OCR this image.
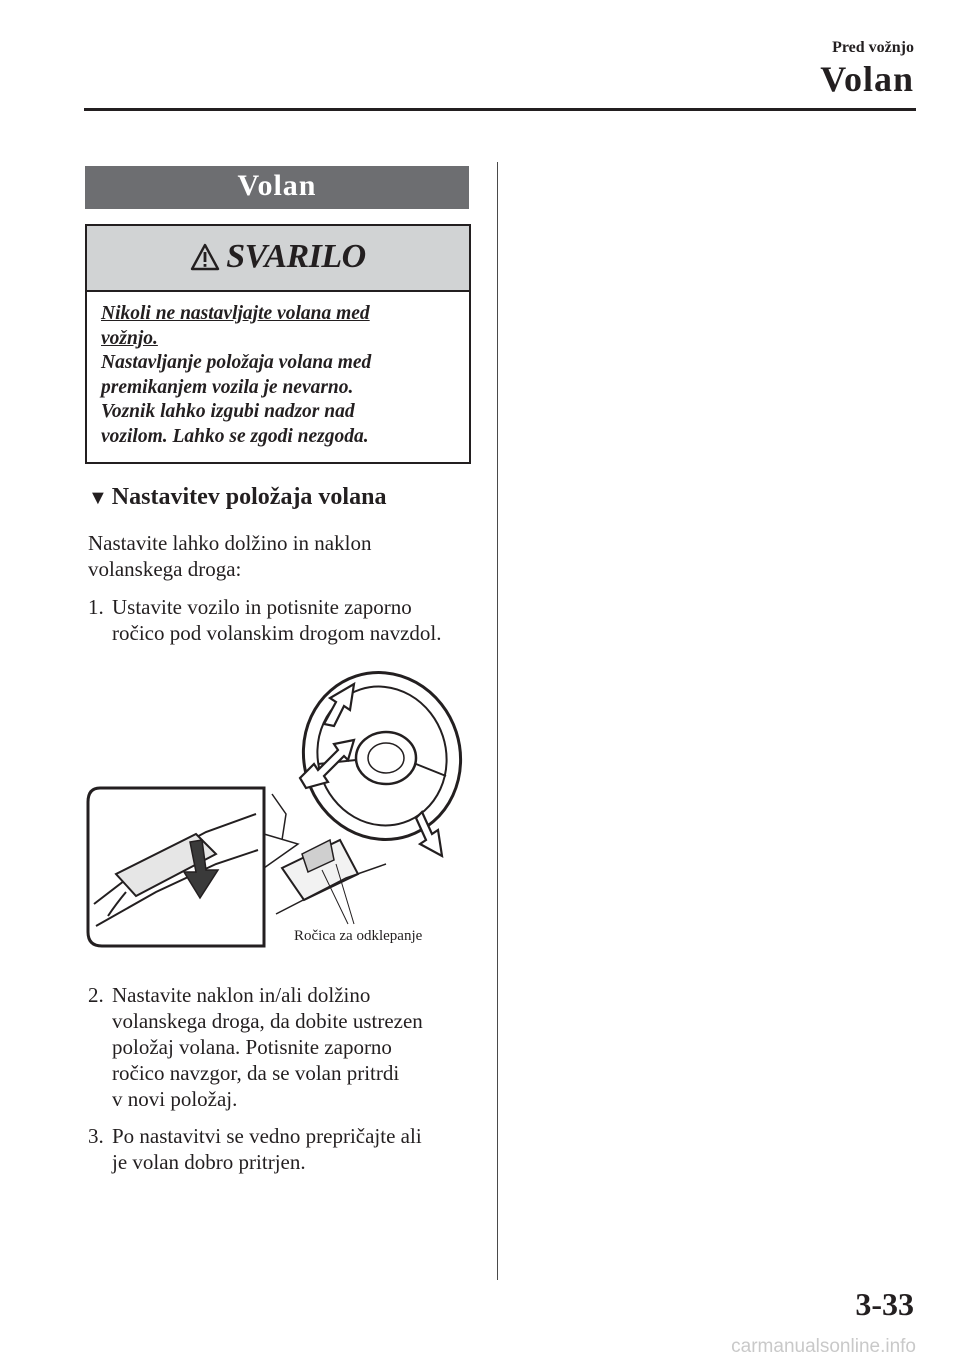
Pred vožnjo
Volan
Volan
SVARILO
Nikoli ne nastavljajte volana med
vožnjo.
Nastavljanje položaja volana med
premikanjem vozila je nevarno.
Voznik lahko izgubi nadzor nad
vozilom. Lahko se zgodi nezgoda.
▼ Nastavitev položaja volana
Nastavite lahko dolžino in naklon
volanskega droga:
1. Ustavite vozilo in potisnite zaporno
ročico pod volanskim drogom navzdol.
Ročica za odklepanje
2. Nastavite naklon in/ali dolžino
volanskega droga, da dobite ustrezen
položaj volana. Potisnite zaporno
ročico navzgor, da se volan pritrdi
v novi položaj.
3. Po nastavitvi se vedno prepričajte ali
je volan dobro pritrjen.
3-33
carmanualsonline.info
